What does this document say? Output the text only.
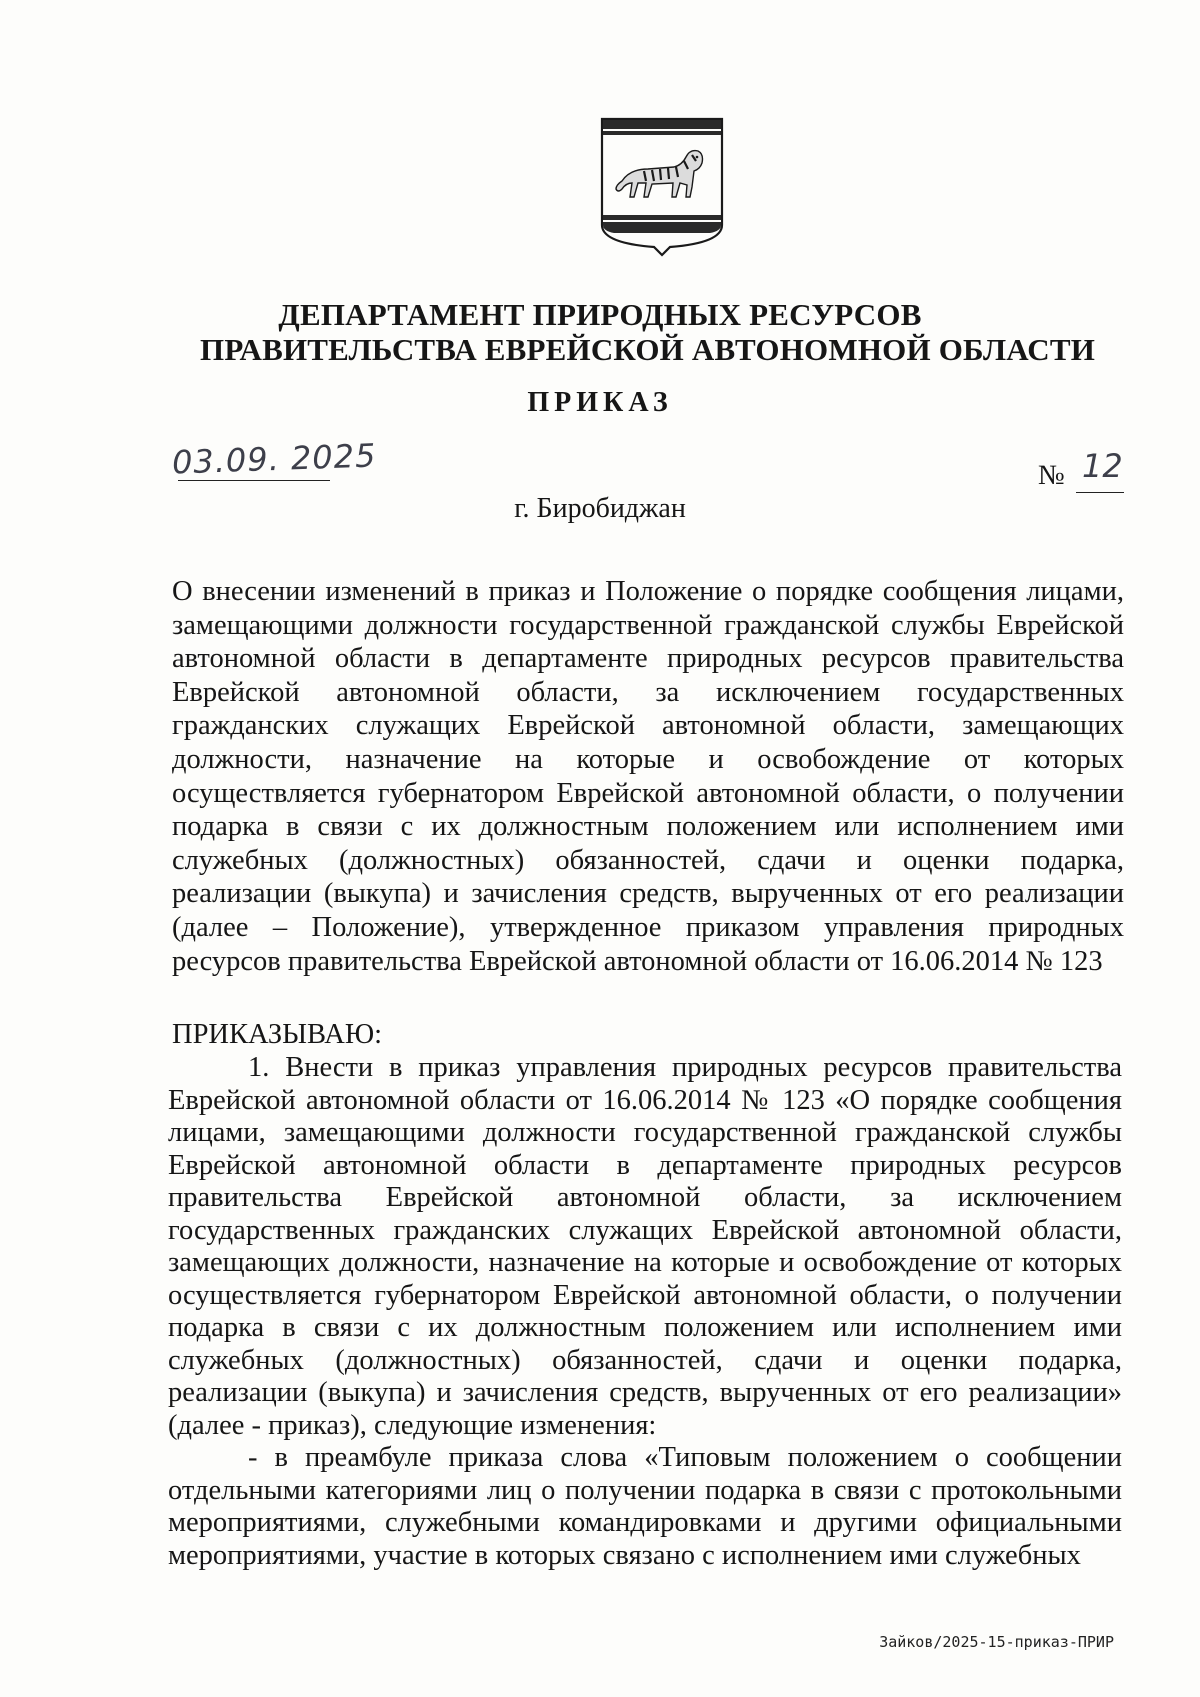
ДЕПАРТАМЕНТ ПРИРОДНЫХ РЕСУРСОВ
ПРАВИТЕЛЬСТВА ЕВРЕЙСКОЙ АВТОНОМНОЙ ОБЛАСТИ
ПРИКАЗ
03.09. 2025	№ 12
г. Биробиджан
О внесении изменений в приказ и Положение о порядке сообщения лицами, замещающими должности государственной гражданской службы Еврейской автономной области в департаменте природных ресурсов правительства Еврейской автономной области, за исключением государственных гражданских служащих Еврейской автономной области, замещающих должности, назначение на которые и освобождение от которых осуществляется губернатором Еврейской автономной области, о получении подарка в связи с их должностным положением или исполнением ими служебных (должностных) обязанностей, сдачи и оценки подарка, реализации (выкупа) и зачисления средств, вырученных от его реализации (далее – Положение), утвержденное приказом управления природных ресурсов правительства Еврейской автономной области от 16.06.2014 № 123
ПРИКАЗЫВАЮ:

1. Внести в приказ управления природных ресурсов правительства Еврейской автономной области от 16.06.2014 № 123 «О порядке сообщения лицами, замещающими должности государственной гражданской службы Еврейской автономной области в департаменте природных ресурсов правительства Еврейской автономной области, за исключением государственных гражданских служащих Еврейской автономной области, замещающих должности, назначение на которые и освобождение от которых осуществляется губернатором Еврейской автономной области, о получении подарка в связи с их должностным положением или исполнением ими служебных (должностных) обязанностей, сдачи и оценки подарка, реализации (выкупа) и зачисления средств, вырученных от его реализации» (далее - приказ), следующие изменения:

- в преамбуле приказа слова «Типовым положением о сообщении отдельными категориями лиц о получении подарка в связи с протокольными мероприятиями, служебными командировками и другими официальными мероприятиями, участие в которых связано с исполнением ими служебных

Зайков/2025-15-приказ-ПРИР
